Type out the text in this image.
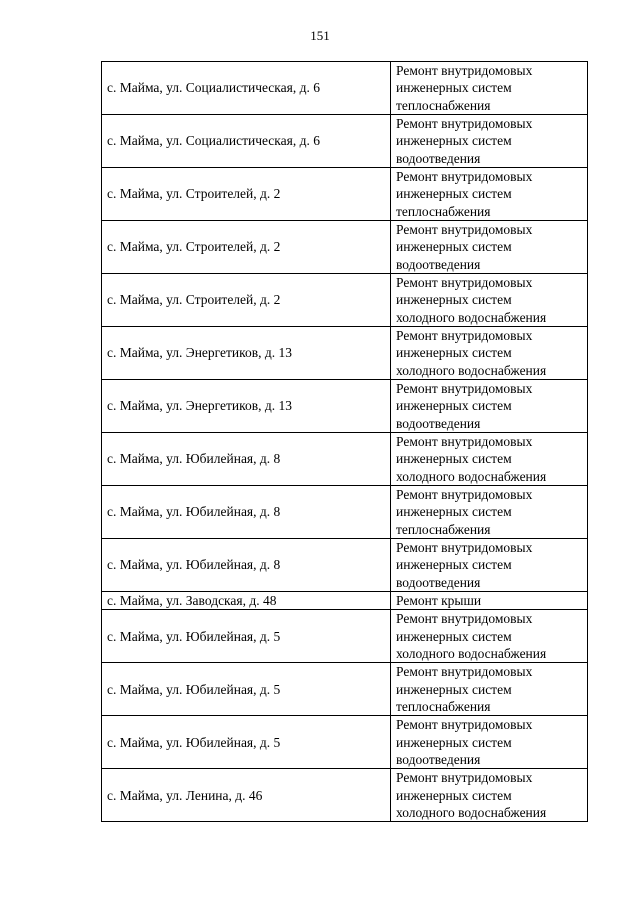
151
с. Майма, ул. Социалистическая, д. 6	Ремонт внутридомовых
инженерных систем
теплоснабжения

с. Майма, ул. Социалистическая, д. 6	Ремонт внутридомовых
инженерных систем
водоотведения

с. Майма, ул. Строителей, д. 2	Ремонт внутридомовых
инженерных систем
теплоснабжения

с. Майма, ул. Строителей, д. 2	Ремонт внутридомовых
инженерных систем
водоотведения

с. Майма, ул. Строителей, д. 2	Ремонт внутридомовых
инженерных систем
холодного водоснабжения

с. Майма, ул. Энергетиков, д. 13	Ремонт внутридомовых
инженерных систем
холодного водоснабжения

с. Майма, ул. Энергетиков, д. 13	Ремонт внутридомовых
инженерных систем
водоотведения

с. Майма, ул. Юбилейная, д. 8	Ремонт внутридомовых
инженерных систем
холодного водоснабжения

с. Майма, ул. Юбилейная, д. 8	Ремонт внутридомовых
инженерных систем
теплоснабжения

с. Майма, ул. Юбилейная, д. 8	Ремонт внутридомовых
инженерных систем
водоотведения

с. Майма, ул. Заводская, д. 48	Ремонт крыши

с. Майма, ул. Юбилейная, д. 5	Ремонт внутридомовых
инженерных систем
холодного водоснабжения

с. Майма, ул. Юбилейная, д. 5	Ремонт внутридомовых
инженерных систем
теплоснабжения

с. Майма, ул. Юбилейная, д. 5	Ремонт внутридомовых
инженерных систем
водоотведения

с. Майма, ул. Ленина, д. 46	Ремонт внутридомовых
инженерных систем
холодного водоснабжения
